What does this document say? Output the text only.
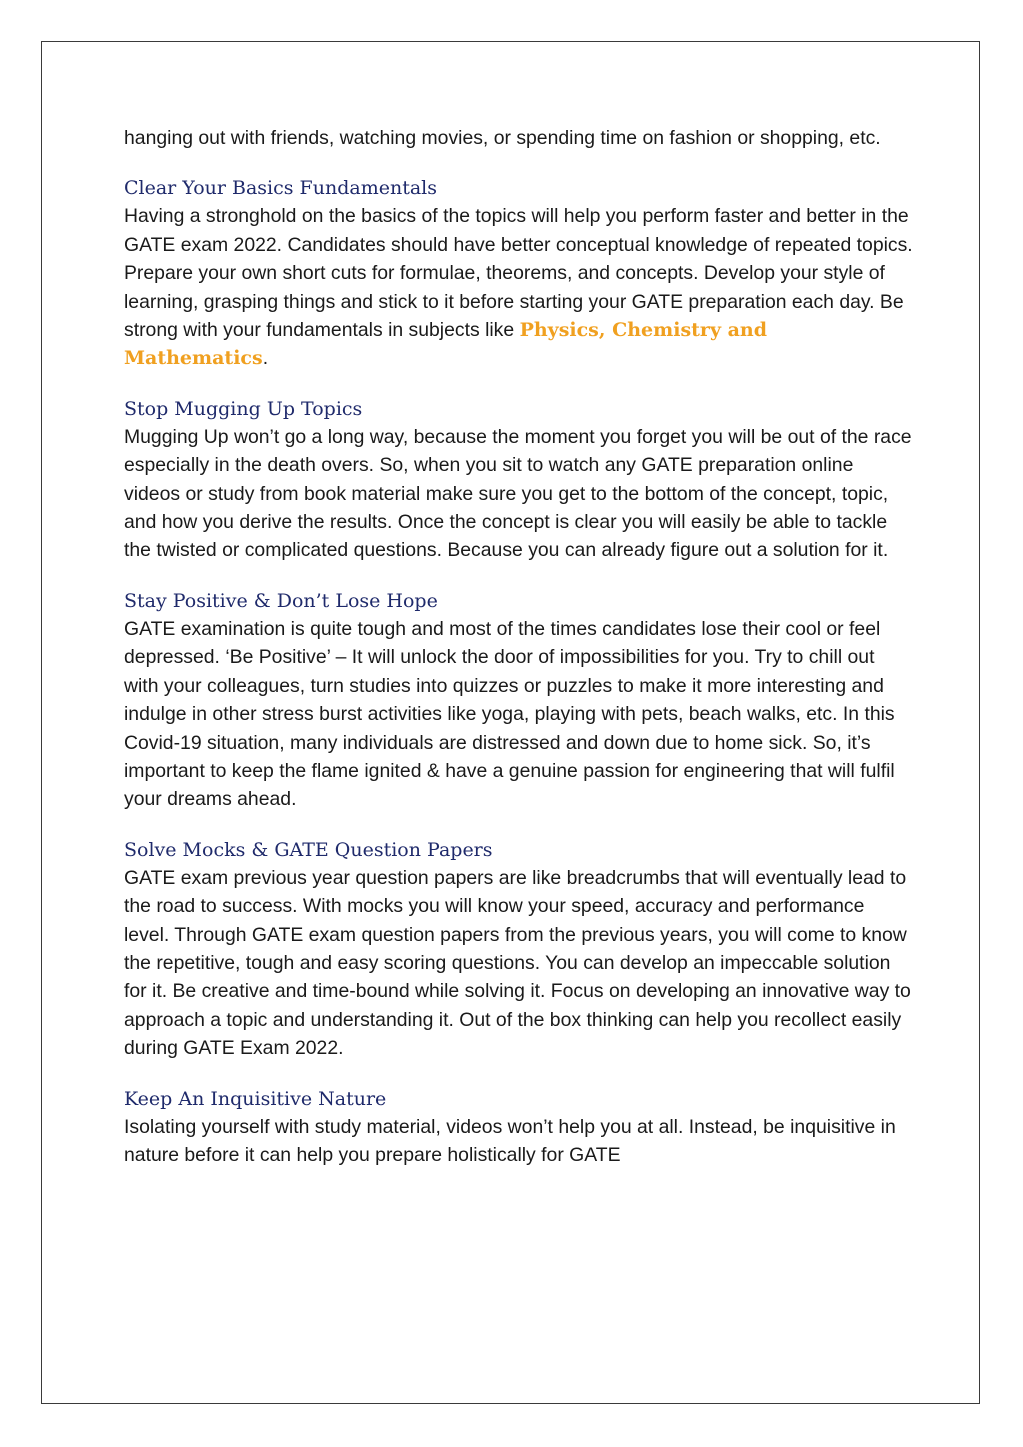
hanging out with friends, watching movies, or spending time on fashion or shopping, etc.

Clear Your Basics Fundamentals

Having a stronghold on the basics of the topics will help you perform faster and better in the GATE exam 2022. Candidates should have better conceptual knowledge of repeated topics. Prepare your own short cuts for formulae, theorems, and concepts. Develop your style of learning, grasping things and stick to it before starting your GATE preparation each day. Be strong with your fundamentals in subjects like Physics, Chemistry and Mathematics.

Stop Mugging Up Topics

Mugging Up won’t go a long way, because the moment you forget you will be out of the race especially in the death overs. So, when you sit to watch any GATE preparation online videos or study from book material make sure you get to the bottom of the concept, topic, and how you derive the results. Once the concept is clear you will easily be able to tackle the twisted or complicated questions. Because you can already figure out a solution for it.

Stay Positive & Don’t Lose Hope

GATE examination is quite tough and most of the times candidates lose their cool or feel depressed. ‘Be Positive’ – It will unlock the door of impossibilities for you. Try to chill out with your colleagues, turn studies into quizzes or puzzles to make it more interesting and indulge in other stress burst activities like yoga, playing with pets, beach walks, etc. In this Covid-19 situation, many individuals are distressed and down due to home sick. So, it’s important to keep the flame ignited & have a genuine passion for engineering that will fulfil your dreams ahead.

Solve Mocks & GATE Question Papers

GATE exam previous year question papers are like breadcrumbs that will eventually lead to the road to success. With mocks you will know your speed, accuracy and performance level. Through GATE exam question papers from the previous years, you will come to know the repetitive, tough and easy scoring questions. You can develop an impeccable solution for it. Be creative and time-bound while solving it. Focus on developing an innovative way to approach a topic and understanding it. Out of the box thinking can help you recollect easily during GATE Exam 2022.

Keep An Inquisitive Nature

Isolating yourself with study material, videos won’t help you at all. Instead, be inquisitive in nature before it can help you prepare holistically for GATE
